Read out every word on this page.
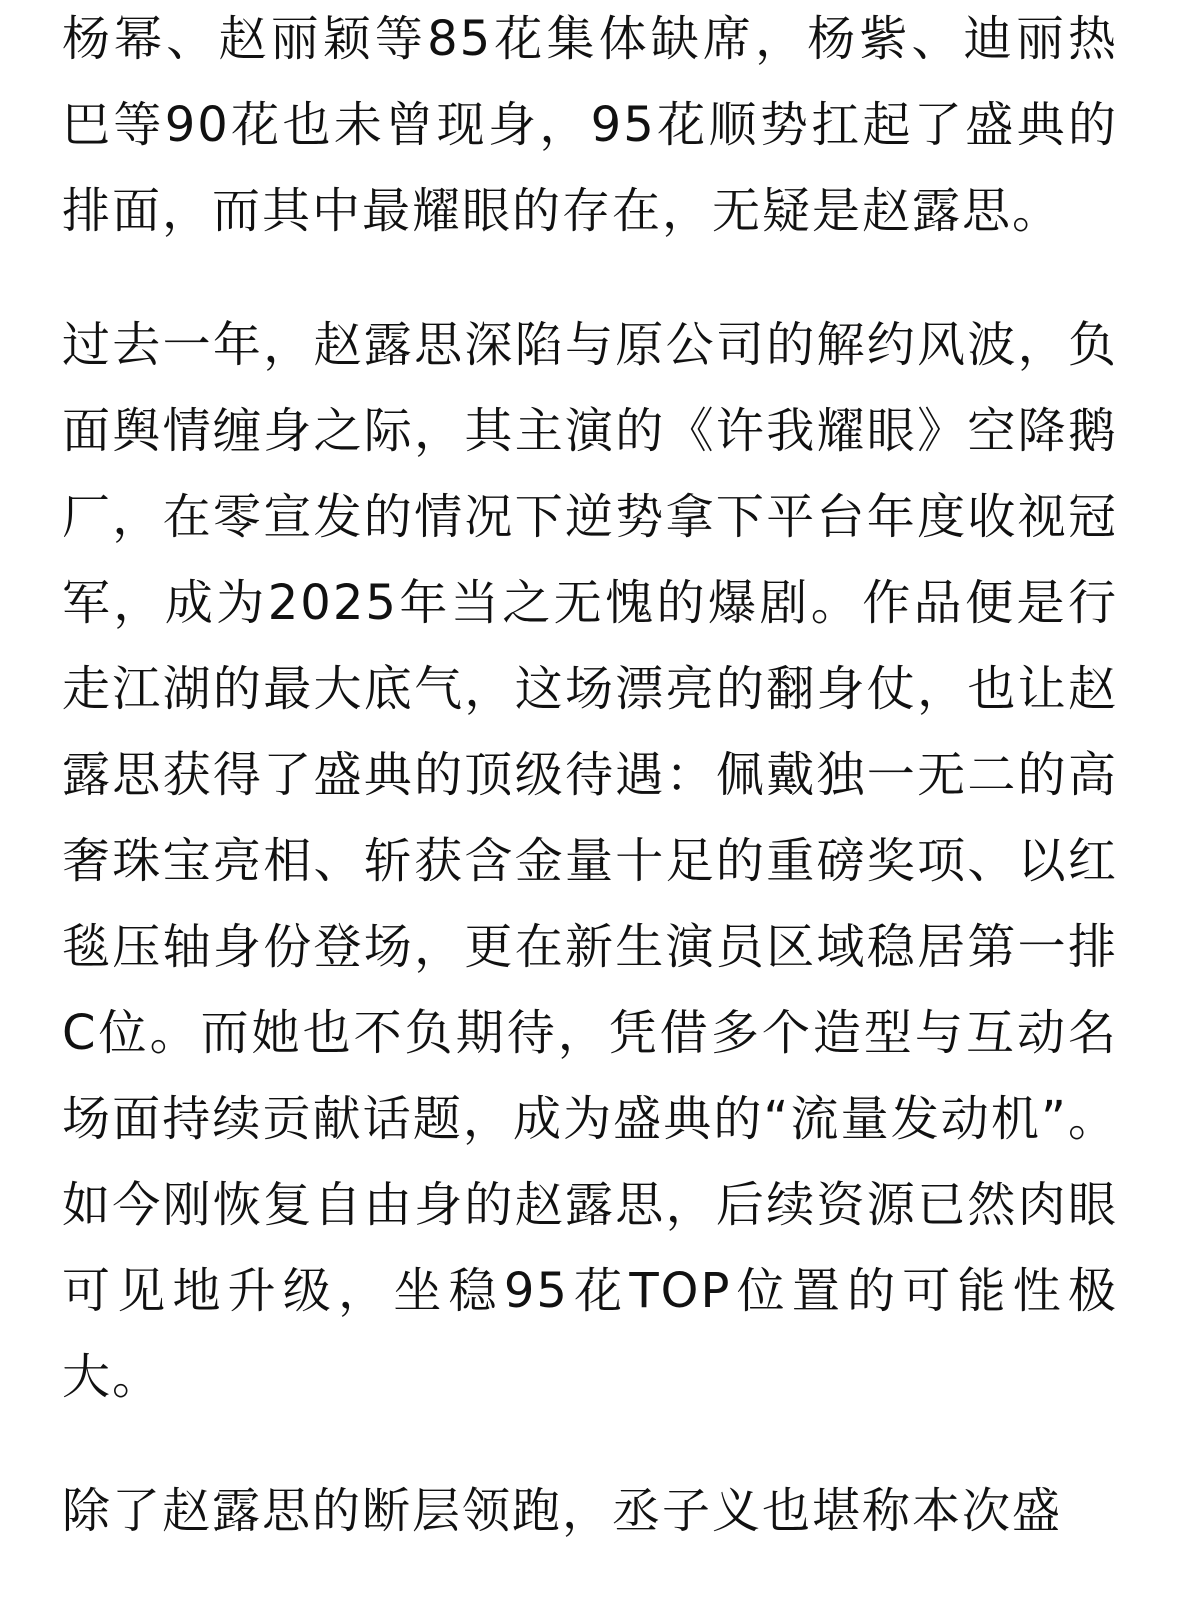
杨幂、赵丽颖等85花集体缺席，杨紫、迪丽热巴等90花也未曾现身，95花顺势扛起了盛典的排面，而其中最耀眼的存在，无疑是赵露思。

过去一年，赵露思深陷与原公司的解约风波，负面舆情缠身之际，其主演的《许我耀眼》空降鹅厂，在零宣发的情况下逆势拿下平台年度收视冠军，成为2025年当之无愧的爆剧。作品便是行走江湖的最大底气，这场漂亮的翻身仗，也让赵露思获得了盛典的顶级待遇：佩戴独一无二的高奢珠宝亮相、斩获含金量十足的重磅奖项、以红毯压轴身份登场，更在新生演员区域稳居第一排C位。而她也不负期待，凭借多个造型与互动名场面持续贡献话题，成为盛典的“流量发动机”。如今刚恢复自由身的赵露思，后续资源已然肉眼可见地升级，坐稳95花TOP位置的可能性极大。

除了赵露思的断层领跑，丞子义也堪称本次盛
